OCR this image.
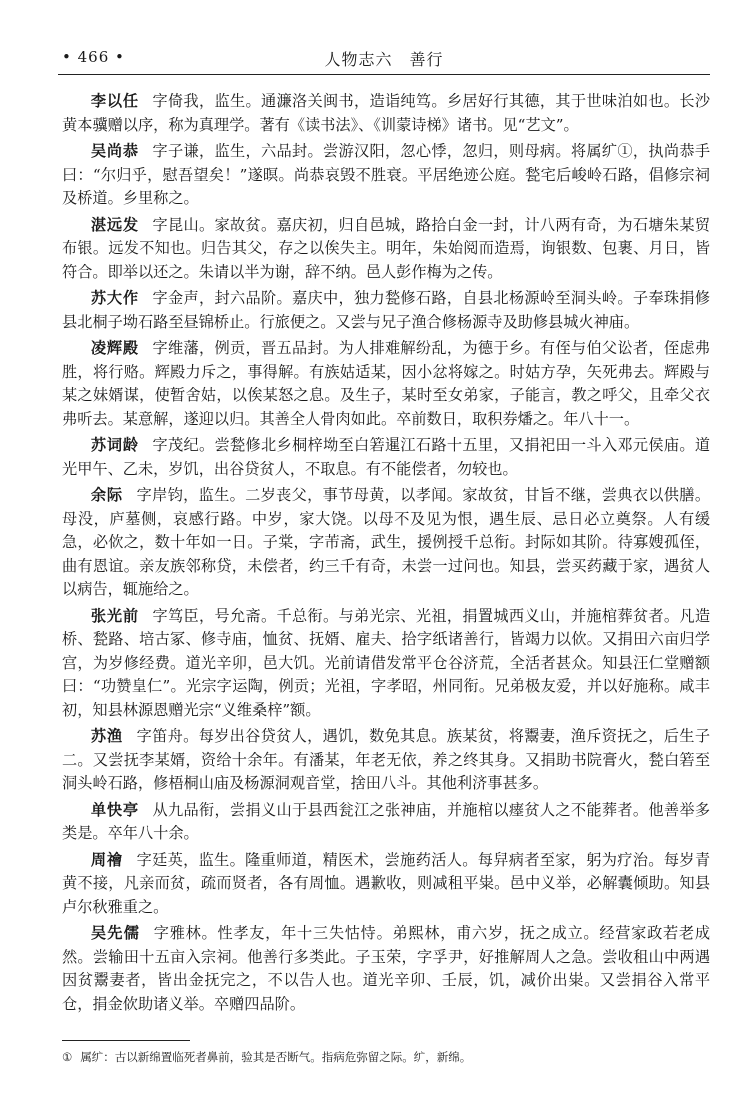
• 466 •	人物志六　善行

李以任 字倚我，监生。通濂洛关闽书，造诣纯笃。乡居好行其德，其于世味泊如也。长沙黄本骥赠以序，称为真理学。著有《读书法》、《训蒙诗梯》诸书。见“艺文”。

吴尚恭 字子谦，监生，六品封。尝游汉阳，忽心悸，忽归，则母病。将属纩①，执尚恭手曰：“尔归乎，慰吾望矣！”遂暝。尚恭哀毁不胜衰。平居绝迹公庭。甃宅后峻岭石路，倡修宗祠及桥道。乡里称之。

湛远发 字昆山。家故贫。嘉庆初，归自邑城，路拾白金一封，计八两有奇，为石塘朱某贸布银。远发不知也。归告其父，存之以俟失主。明年，朱始阅而造焉，询银数、包裹、月日，皆符合。即举以还之。朱请以半为谢，辞不纳。邑人彭作梅为之传。

苏大作 字金声，封六品阶。嘉庆中，独力甃修石路，自县北杨源岭至洞头岭。子奉珠捐修县北桐子坳石路至昼锦桥止。行旅便之。又尝与兄子渔合修杨源寺及助修县城火神庙。

凌辉殿 字维藩，例贡，晋五品封。为人排难解纷乱，为德于乡。有侄与伯父讼者，侄虑弗胜，将行赂。辉殿力斥之，事得解。有族姑适某，因小忿将嫁之。时姑方孕，矢死弗去。辉殿与某之妹婿谋，使暂舍姑，以俟某怒之息。及生子，某时至女弟家，子能言，教之呼父，且牵父衣弗听去。某意解，遂迎以归。其善全人骨肉如此。卒前数日，取积券燔之。年八十一。

苏词龄 字茂纪。尝甃修北乡桐梓坳至白箬暹江石路十五里，又捐祀田一斗入邓元侯庙。道光甲午、乙未，岁饥，出谷贷贫人，不取息。有不能偿者，勿较也。

余际 字岸钧，监生。二岁丧父，事节母黄，以孝闻。家故贫，甘旨不继，尝典衣以供膳。母没，庐墓侧，哀感行路。中岁，家大饶。以母不及见为恨，遇生辰、忌日必立奠祭。人有缓急，必佽之，数十年如一日。子棠，字芾斋，武生，援例授千总衔。封际如其阶。待寡嫂孤侄，曲有恩谊。亲友族邻称贷，未偿者，约三千有奇，未尝一过问也。知县，尝买药藏于家，遇贫人以病告，辄施给之。

张光前 字笃臣，号允斋。千总衔。与弟光宗、光祖，捐置城西义山，并施棺葬贫者。凡造桥、甃路、培古冢、修寺庙，恤贫、抚婿、雇夫、拾字纸诸善行，皆竭力以佽。又捐田六亩归学宫，为岁修经费。道光辛卯，邑大饥。光前请借发常平仓谷济荒，全活者甚众。知县汪仁堂赠额曰：“功赞皇仁”。光宗字运陶，例贡；光祖，字孝昭，州同衔。兄弟极友爱，并以好施称。咸丰初，知县林源恩赠光宗“义维桑梓”额。

苏渔 字笛舟。每岁出谷贷贫人，遇饥，数免其息。族某贫，将鬻妻，渔斥资抚之，后生子二。又尝抚李某婿，资给十余年。有潘某，年老无依，养之终其身。又捐助书院膏火，甃白箬至洞头岭石路，修梧桐山庙及杨源洞观音堂，捨田八斗。其他利济事甚多。

单快亭 从九品衔，尝捐义山于县西瓮江之张神庙，并施棺以瘗贫人之不能葬者。他善举多类是。卒年八十余。

周禬 字廷英，监生。隆重师道，精医术，尝施药活人。每舁病者至家，躬为疗治。每岁青黄不接，凡亲而贫，疏而贤者，各有周恤。遇歉收，则减租平粜。邑中义举，必解囊倾助。知县卢尔秋雅重之。

吴先儒 字雅林。性孝友，年十三失怙恃。弟熙林，甫六岁，抚之成立。经营家政若老成然。尝输田十五亩入宗祠。他善行多类此。子玉荣，字孚尹，好推解周人之急。尝收租山中两遇因贫鬻妻者，皆出金抚完之，不以告人也。道光辛卯、壬辰，饥，减价出粜。又尝捐谷入常平仓，捐金佽助诸义举。卒赠四品阶。

① 属纩：古以新绵置临死者鼻前，验其是否断气。指病危弥留之际。纩，新绵。
